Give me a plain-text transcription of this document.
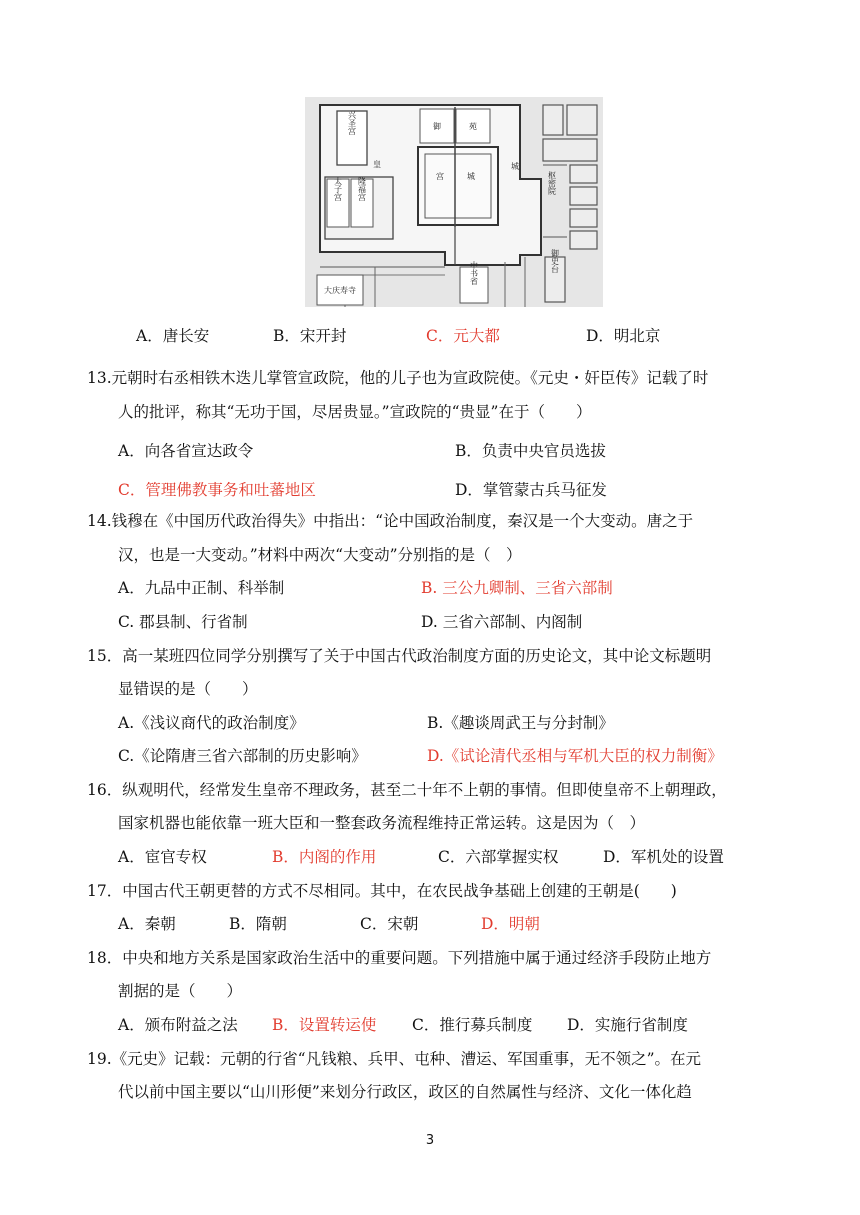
兴圣宫
皇	城
御	苑
宫	城
太子宫 隆福宫	枢密院
中书省	御史台
大庆寿寺
A．唐长安	B．宋开封	C．元大都	D．明北京
13.元朝时右丞相铁木迭儿掌管宣政院，他的儿子也为宣政院使。《元史・奸臣传》记载了时
人的批评，称其“无功于国，尽居贵显。”宣政院的“贵显”在于（　　）
A．向各省宣达政令	B．负责中央官员选拔
C．管理佛教事务和吐蕃地区	D．掌管蒙古兵马征发
14.钱穆在《中国历代政治得失》中指出：“论中国政治制度，秦汉是一个大变动。唐之于
汉，也是一大变动。”材料中两次“大变动”分别指的是（　）
A．九品中正制、科举制	B. 三公九卿制、三省六部制
C. 郡县制、行省制	D. 三省六部制、内阁制
15．高一某班四位同学分别撰写了关于中国古代政治制度方面的历史论文，其中论文标题明
显错误的是（　　）
A.《浅议商代的政治制度》	B.《趣谈周武王与分封制》
C.《论隋唐三省六部制的历史影响》	D.《试论清代丞相与军机大臣的权力制衡》
16．纵观明代，经常发生皇帝不理政务，甚至二十年不上朝的事情。但即使皇帝不上朝理政，
国家机器也能依靠一班大臣和一整套政务流程维持正常运转。这是因为（　）
A．宦官专权	B．内阁的作用	C．六部掌握实权	D．军机处的设置
17．中国古代王朝更替的方式不尽相同。其中，在农民战争基础上创建的王朝是(　　)
A．秦朝	B．隋朝	C．宋朝	D．明朝
18．中央和地方关系是国家政治生活中的重要问题。下列措施中属于通过经济手段防止地方
割据的是（　　）
A．颁布附益之法 B．设置转运使 C．推行募兵制度 D．实施行省制度
19.《元史》记载：元朝的行省“凡钱粮、兵甲、屯种、漕运、军国重事，无不领之”。在元
代以前中国主要以“山川形便”来划分行政区，政区的自然属性与经济、文化一体化趋
3
